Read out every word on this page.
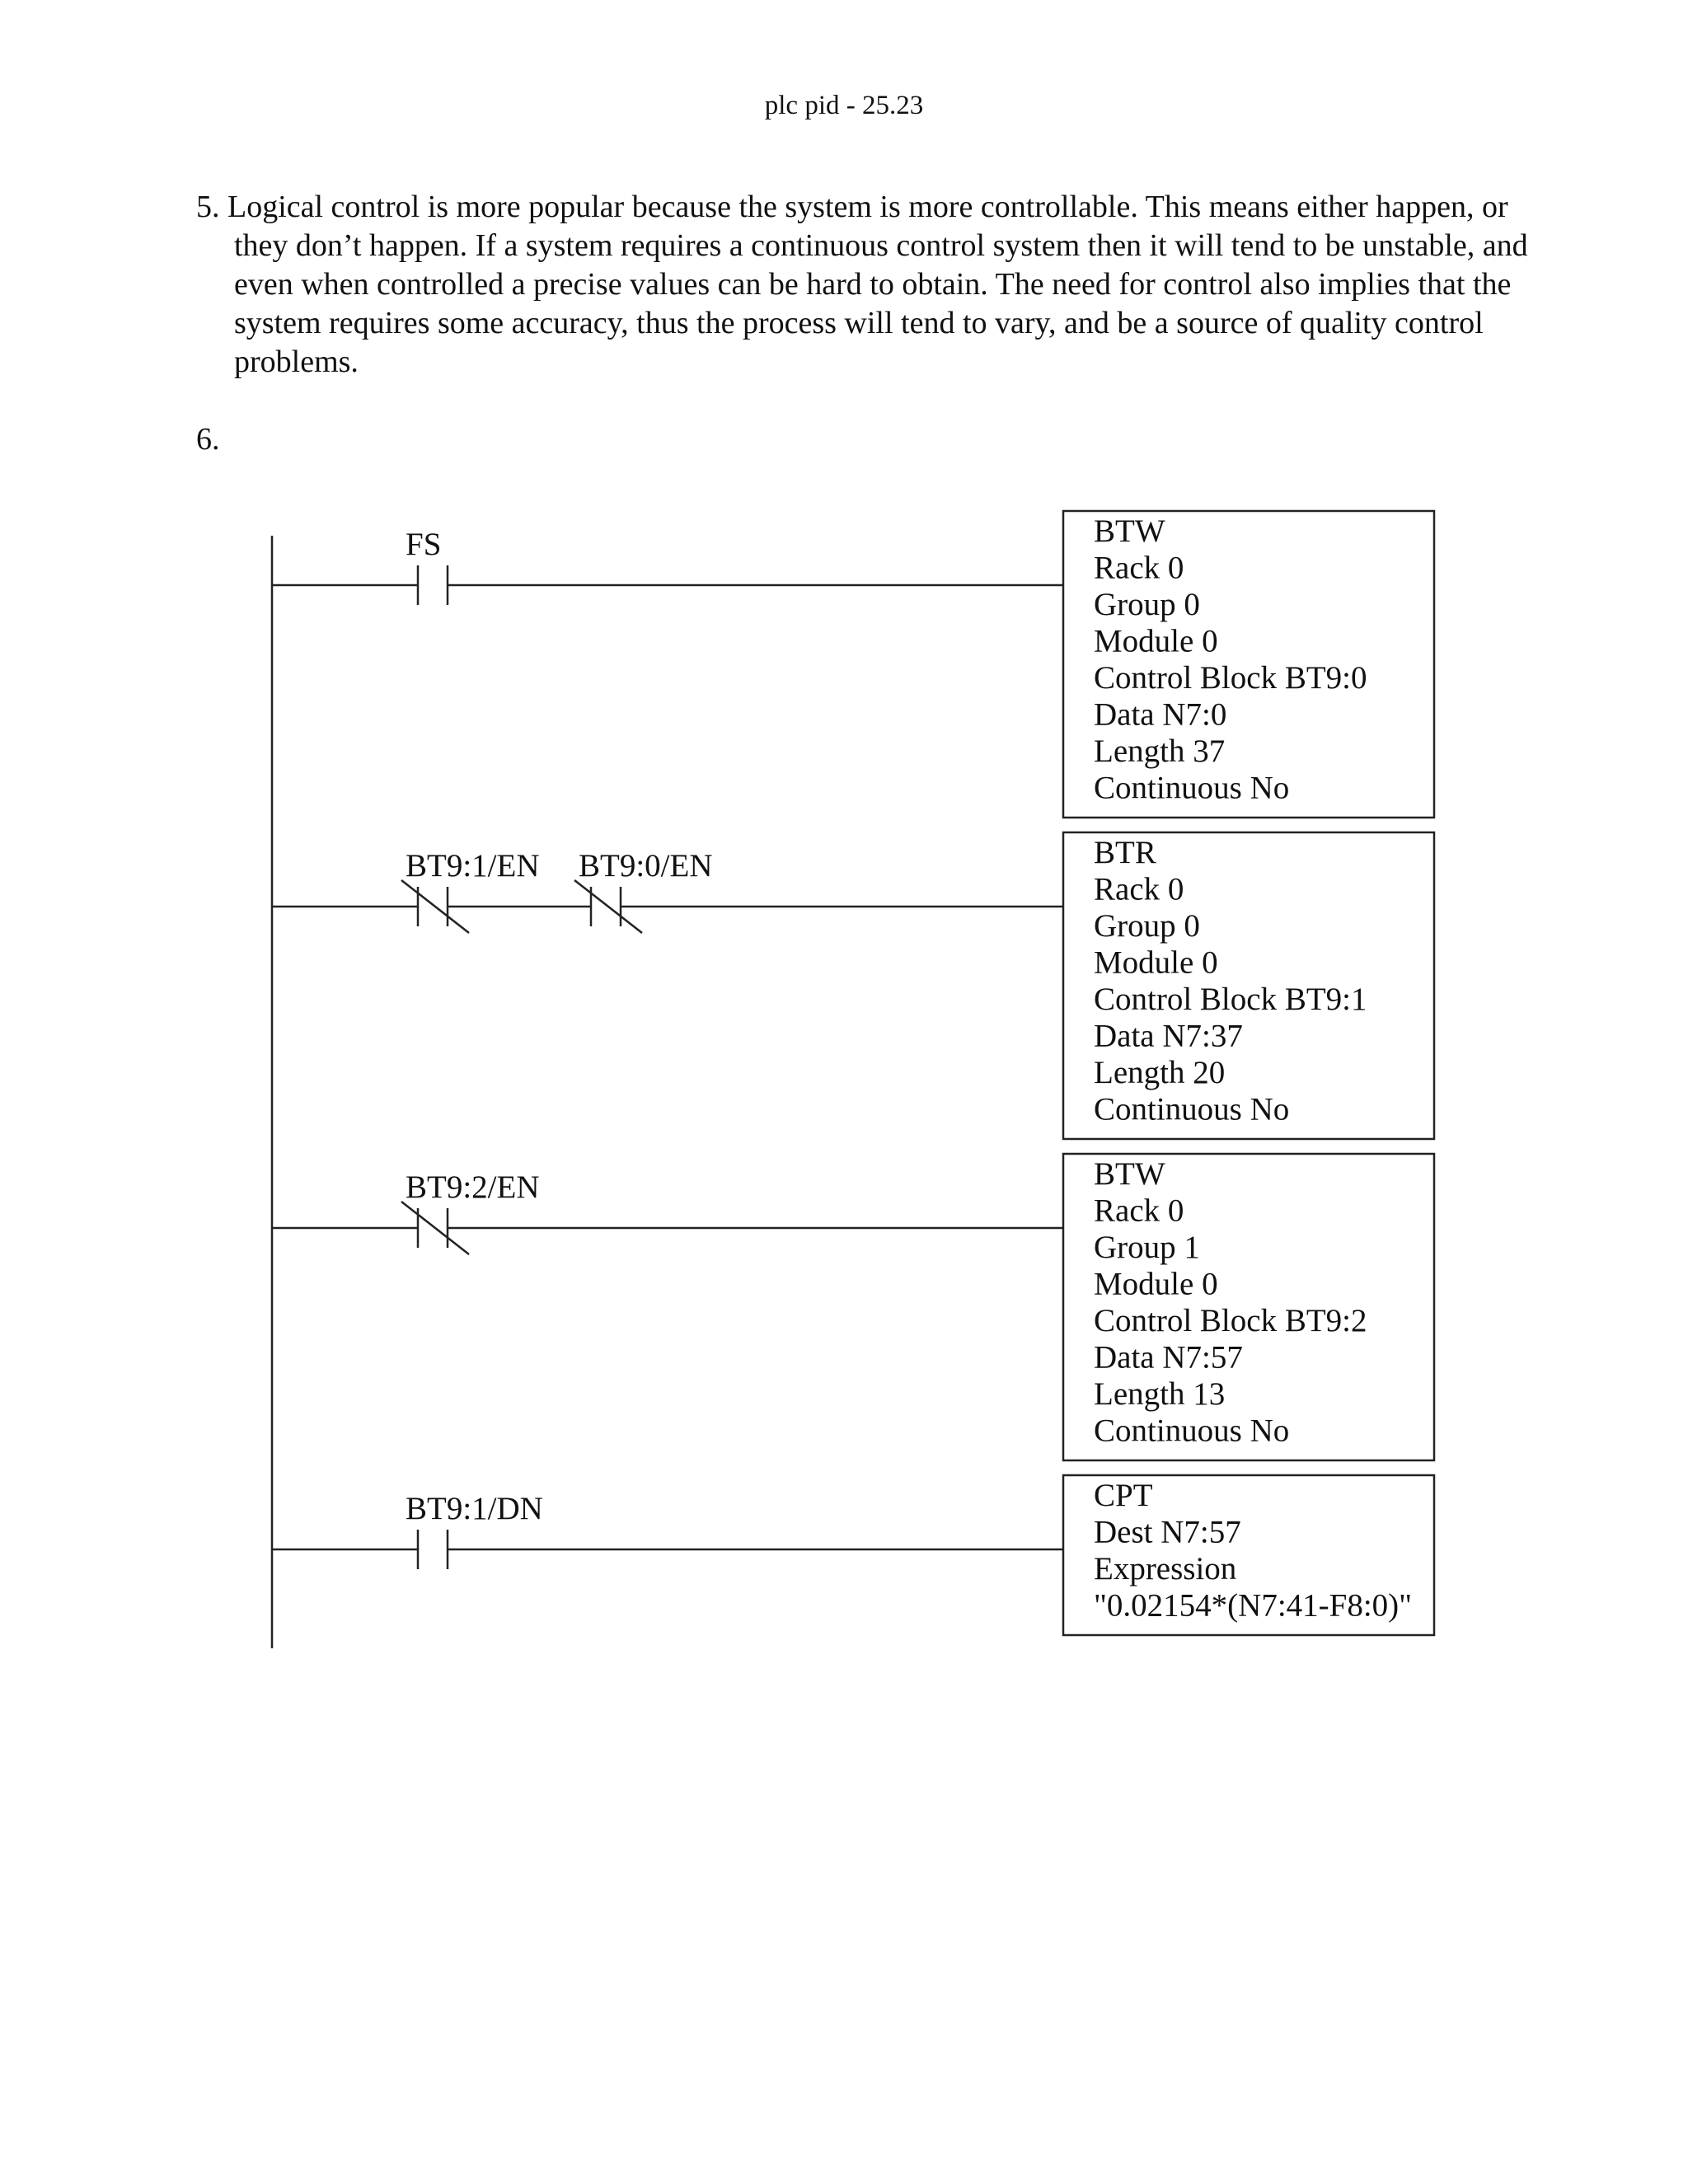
plc pid - 25.23
5. Logical control is more popular because the system is more controllable. This means either happen, or they don’t happen. If a system requires a continuous control system then it will tend to be unstable, and even when controlled a precise values can be hard to obtain. The need for control also implies that the system requires some accuracy, thus the process will tend to vary, and be a source of quality control problems.
6.
FS	BTW
Rack 0
Group 0
Module 0
Control Block BT9:0
Data N7:0
Length 37
Continuous No
BT9:1/EN BT9:0/EN	BTR
Rack 0
Group 0
Module 0
Control Block BT9:1
Data N7:37
Length 20
Continuous No
BT9:2/EN	BTW
Rack 0
Group 1
Module 0
Control Block BT9:2
Data N7:57
Length 13
Continuous No
BT9:1/DN	CPT
Dest N7:57
Expression
"0.02154*(N7:41-F8:0)"
